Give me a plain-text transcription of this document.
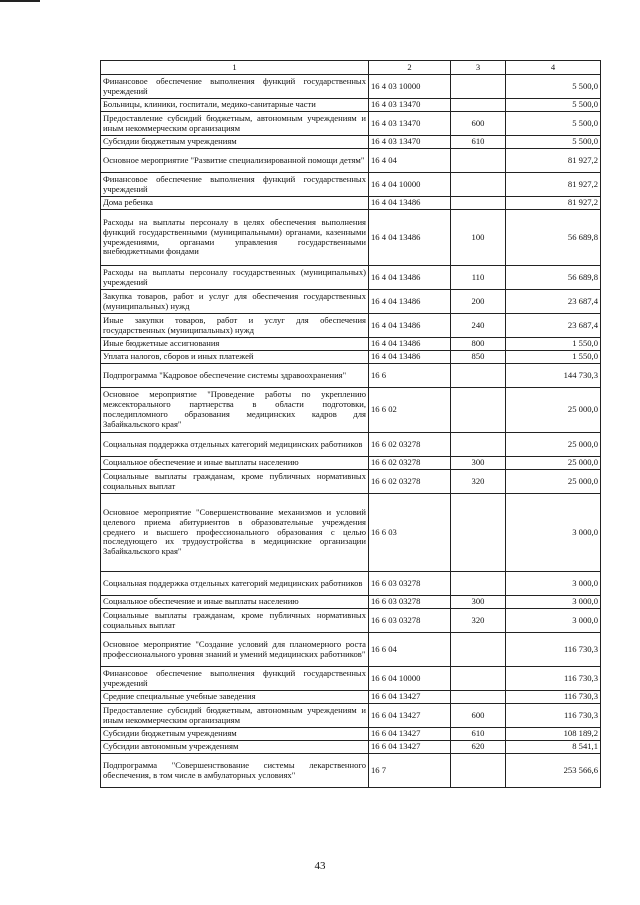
1	2	3	4
Финансовое обеспечение выполнения функций государственных учреждений	16 4 03 10000		5 500,0
Больницы, клиники, госпитали, медико-санитарные части	16 4 03 13470		5 500,0
Предоставление субсидий бюджетным, автономным учреждениям и иным некоммерческим организациям	16 4 03 13470	600	5 500,0
Субсидии бюджетным учреждениям	16 4 03 13470	610	5 500,0
Основное мероприятие "Развитие специализированной помощи детям"	16 4 04		81 927,2
Финансовое обеспечение выполнения функций государственных учреждений	16 4 04 10000		81 927,2
Дома ребенка	16 4 04 13486		81 927,2
Расходы на выплаты персоналу в целях обеспечения выполнения функций государственными (муниципальными) органами, казенными учреждениями, органами управления государственными внебюджетными фондами	16 4 04 13486	100	56 689,8
Расходы на выплаты персоналу государственных (муниципальных) учреждений	16 4 04 13486	110	56 689,8
Закупка товаров, работ и услуг для обеспечения государственных (муниципальных) нужд	16 4 04 13486	200	23 687,4
Иные закупки товаров, работ и услуг для обеспечения государственных (муниципальных) нужд	16 4 04 13486	240	23 687,4
Иные бюджетные ассигнования	16 4 04 13486	800	1 550,0
Уплата налогов, сборов и иных платежей	16 4 04 13486	850	1 550,0
Подпрограмма "Кадровое обеспечение системы здравоохранения"	16 6		144 730,3
Основное мероприятие "Проведение работы по укреплению межсекторального партнерства в области подготовки, последипломного образования медицинских кадров для Забайкальского края"	16 6 02		25 000,0
Социальная поддержка отдельных категорий медицинских работников	16 6 02 03278		25 000,0
Социальное обеспечение и иные выплаты населению	16 6 02 03278	300	25 000,0
Социальные выплаты гражданам, кроме публичных нормативных социальных выплат	16 6 02 03278	320	25 000,0
Основное мероприятие "Совершенствование механизмов и условий целевого приема абитуриентов в образовательные учреждения среднего и высшего профессионального образования с целью последующего их трудоустройства в медицинские организации Забайкальского края"	16 6 03		3 000,0
Социальная поддержка отдельных категорий медицинских работников	16 6 03 03278		3 000,0
Социальное обеспечение и иные выплаты населению	16 6 03 03278	300	3 000,0
Социальные выплаты гражданам, кроме публичных нормативных социальных выплат	16 6 03 03278	320	3 000,0
Основное мероприятие "Создание условий для планомерного роста профессионального уровня знаний и умений медицинских работников"	16 6 04		116 730,3
Финансовое обеспечение выполнения функций государственных учреждений	16 6 04 10000		116 730,3
Средние специальные учебные заведения	16 6 04 13427		116 730,3
Предоставление субсидий бюджетным, автономным учреждениям и иным некоммерческим организациям	16 6 04 13427	600	116 730,3
Субсидии бюджетным учреждениям	16 6 04 13427	610	108 189,2
Субсидии автономным учреждениям	16 6 04 13427	620	8 541,1
Подпрограмма "Совершенствование системы лекарственного обеспечения, в том числе в амбулаторных условиях"	16 7		253 566,6
43
